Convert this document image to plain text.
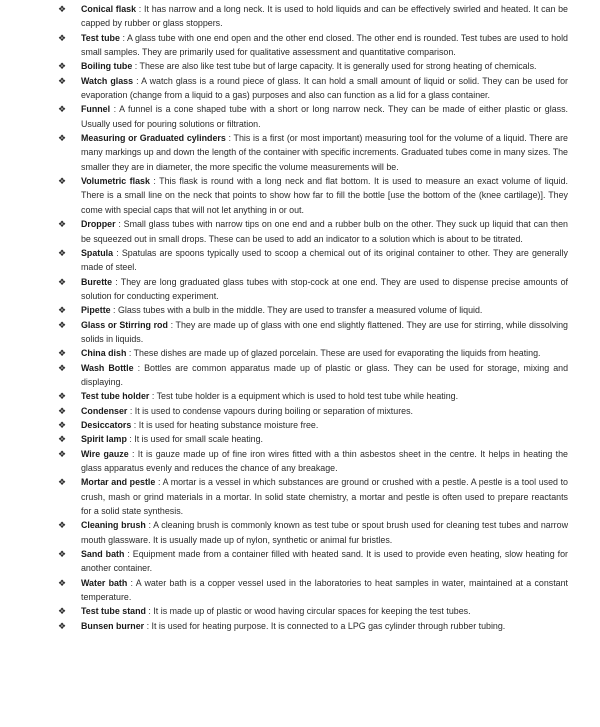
❖ Conical flask : It has narrow and a long neck. It is used to hold liquids and can be effectively swirled and heated. It can be capped by rubber or glass stoppers.
❖ Test tube : A glass tube with one end open and the other end closed. The other end is rounded. Test tubes are used to hold small samples. They are primarily used for qualitative assessment and quantitative comparison.
❖ Boiling tube : These are also like test tube but of large capacity. It is generally used for strong heating of chemicals.
❖ Watch glass : A watch glass is a round piece of glass. It can hold a small amount of liquid or solid. They can be used for evaporation (change from a liquid to a gas) purposes and also can function as a lid for a glass container.
❖ Funnel : A funnel is a cone shaped tube with a short or long narrow neck. They can be made of either plastic or glass. Usually used for pouring solutions or filtration.
❖ Measuring or Graduated cylinders : This is a first (or most important) measuring tool for the volume of a liquid. There are many markings up and down the length of the container with specific increments. Graduated tubes come in many sizes. The smaller they are in diameter, the more specific the volume measurements will be.
❖ Volumetric flask : This flask is round with a long neck and flat bottom. It is used to measure an exact volume of liquid. There is a small line on the neck that points to show how far to fill the bottle [use the bottom of the (knee cartilage)]. They come with special caps that will not let anything in or out.
❖ Dropper : Small glass tubes with narrow tips on one end and a rubber bulb on the other. They suck up liquid that can then be squeezed out in small drops. These can be used to add an indicator to a solution which is about to be titrated.
❖ Spatula : Spatulas are spoons typically used to scoop a chemical out of its original container to other. They are generally made of steel.
❖ Burette : They are long graduated glass tubes with stop-cock at one end. They are used to dispense precise amounts of solution for conducting experiment.
❖ Pipette : Glass tubes with a bulb in the middle. They are used to transfer a measured volume of liquid.
❖ Glass or Stirring rod : They are made up of glass with one end slightly flattened. They are use for stirring, while dissolving solids in liquids.
❖ China dish : These dishes are made up of glazed porcelain. These are used for evaporating the liquids from heating.
❖ Wash Bottle : Bottles are common apparatus made up of plastic or glass. They can be used for storage, mixing and displaying.
❖ Test tube holder : Test tube holder is a equipment which is used to hold test tube while heating.
❖ Condenser : It is used to condense vapours during boiling or separation of mixtures.
❖ Desiccators : It is used for heating substance moisture free.
❖ Spirit lamp : It is used for small scale heating.
❖ Wire gauze : It is gauze made up of fine iron wires fitted with a thin asbestos sheet in the centre. It helps in heating the glass apparatus evenly and reduces the chance of any breakage.
❖ Mortar and pestle : A mortar is a vessel in which substances are ground or crushed with a pestle. A pestle is a tool used to crush, mash or grind materials in a mortar. In solid state chemistry, a mortar and pestle is often used to prepare reactants for a solid state synthesis.
❖ Cleaning brush : A cleaning brush is commonly known as test tube or spout brush used for cleaning test tubes and narrow mouth glassware. It is usually made up of nylon, synthetic or animal fur bristles.
❖ Sand bath : Equipment made from a container filled with heated sand. It is used to provide even heating, slow heating for another container.
❖ Water bath : A water bath is a copper vessel used in the laboratories to heat samples in water, maintained at a constant temperature.
❖ Test tube stand : It is made up of plastic or wood having circular spaces for keeping the test tubes.
❖ Bunsen burner : It is used for heating purpose. It is connected to a LPG gas cylinder through rubber tubing.
